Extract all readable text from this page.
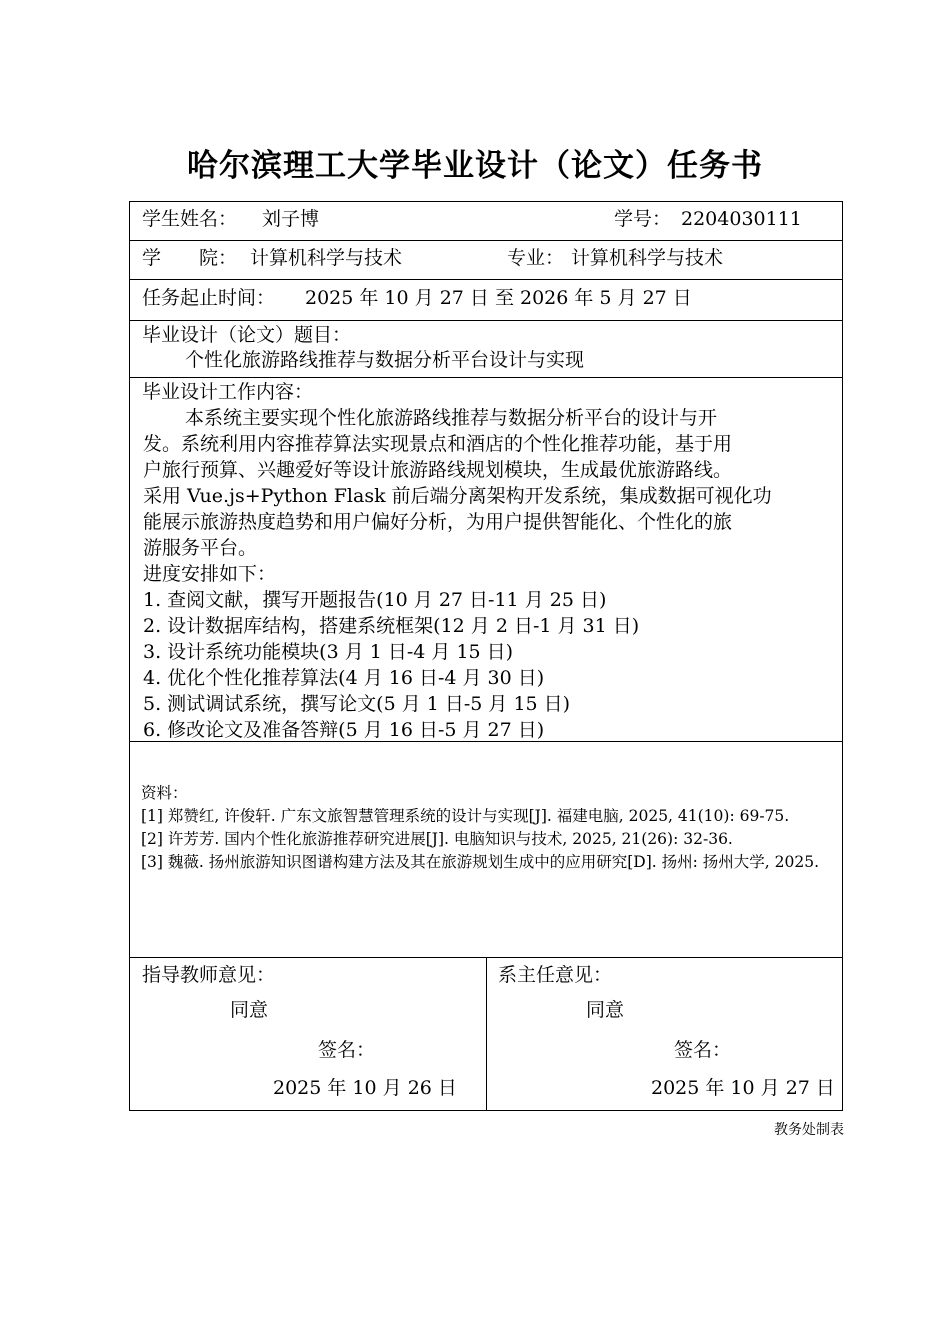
哈尔滨理工大学毕业设计（论文）任务书
学生姓名： 刘子博	学号： 2204030111
学　　院： 计算机科学与技术	专业： 计算机科学与技术
任务起止时间： 2025 年 10 月 27 日 至 2026 年 5 月 27 日
毕业设计（论文）题目：
个性化旅游路线推荐与数据分析平台设计与实现
毕业设计工作内容：
本系统主要实现个性化旅游路线推荐与数据分析平台的设计与开
发。系统利用内容推荐算法实现景点和酒店的个性化推荐功能，基于用
户旅行预算、兴趣爱好等设计旅游路线规划模块，生成最优旅游路线。
采用 Vue.js+Python Flask 前后端分离架构开发系统，集成数据可视化功
能展示旅游热度趋势和用户偏好分析，为用户提供智能化、个性化的旅
游服务平台。
进度安排如下：
1. 查阅文献，撰写开题报告(10 月 27 日-11 月 25 日)
2. 设计数据库结构，搭建系统框架(12 月 2 日-1 月 31 日)
3. 设计系统功能模块(3 月 1 日-4 月 15 日)
4. 优化个性化推荐算法(4 月 16 日-4 月 30 日)
5. 测试调试系统，撰写论文(5 月 1 日-5 月 15 日)
6. 修改论文及准备答辩(5 月 16 日-5 月 27 日)
资料：
[1] 郑赞红, 许俊轩. 广东文旅智慧管理系统的设计与实现[J]. 福建电脑, 2025, 41(10): 69-75.
[2] 许芳芳. 国内个性化旅游推荐研究进展[J]. 电脑知识与技术, 2025, 21(26): 32-36.
[3] 魏薇. 扬州旅游知识图谱构建方法及其在旅游规划生成中的应用研究[D]. 扬州: 扬州大学, 2025.
指导教师意见：
同意
签名：
2025 年 10 月 26 日
系主任意见：
同意
签名：
2025 年 10 月 27 日
教务处制表
